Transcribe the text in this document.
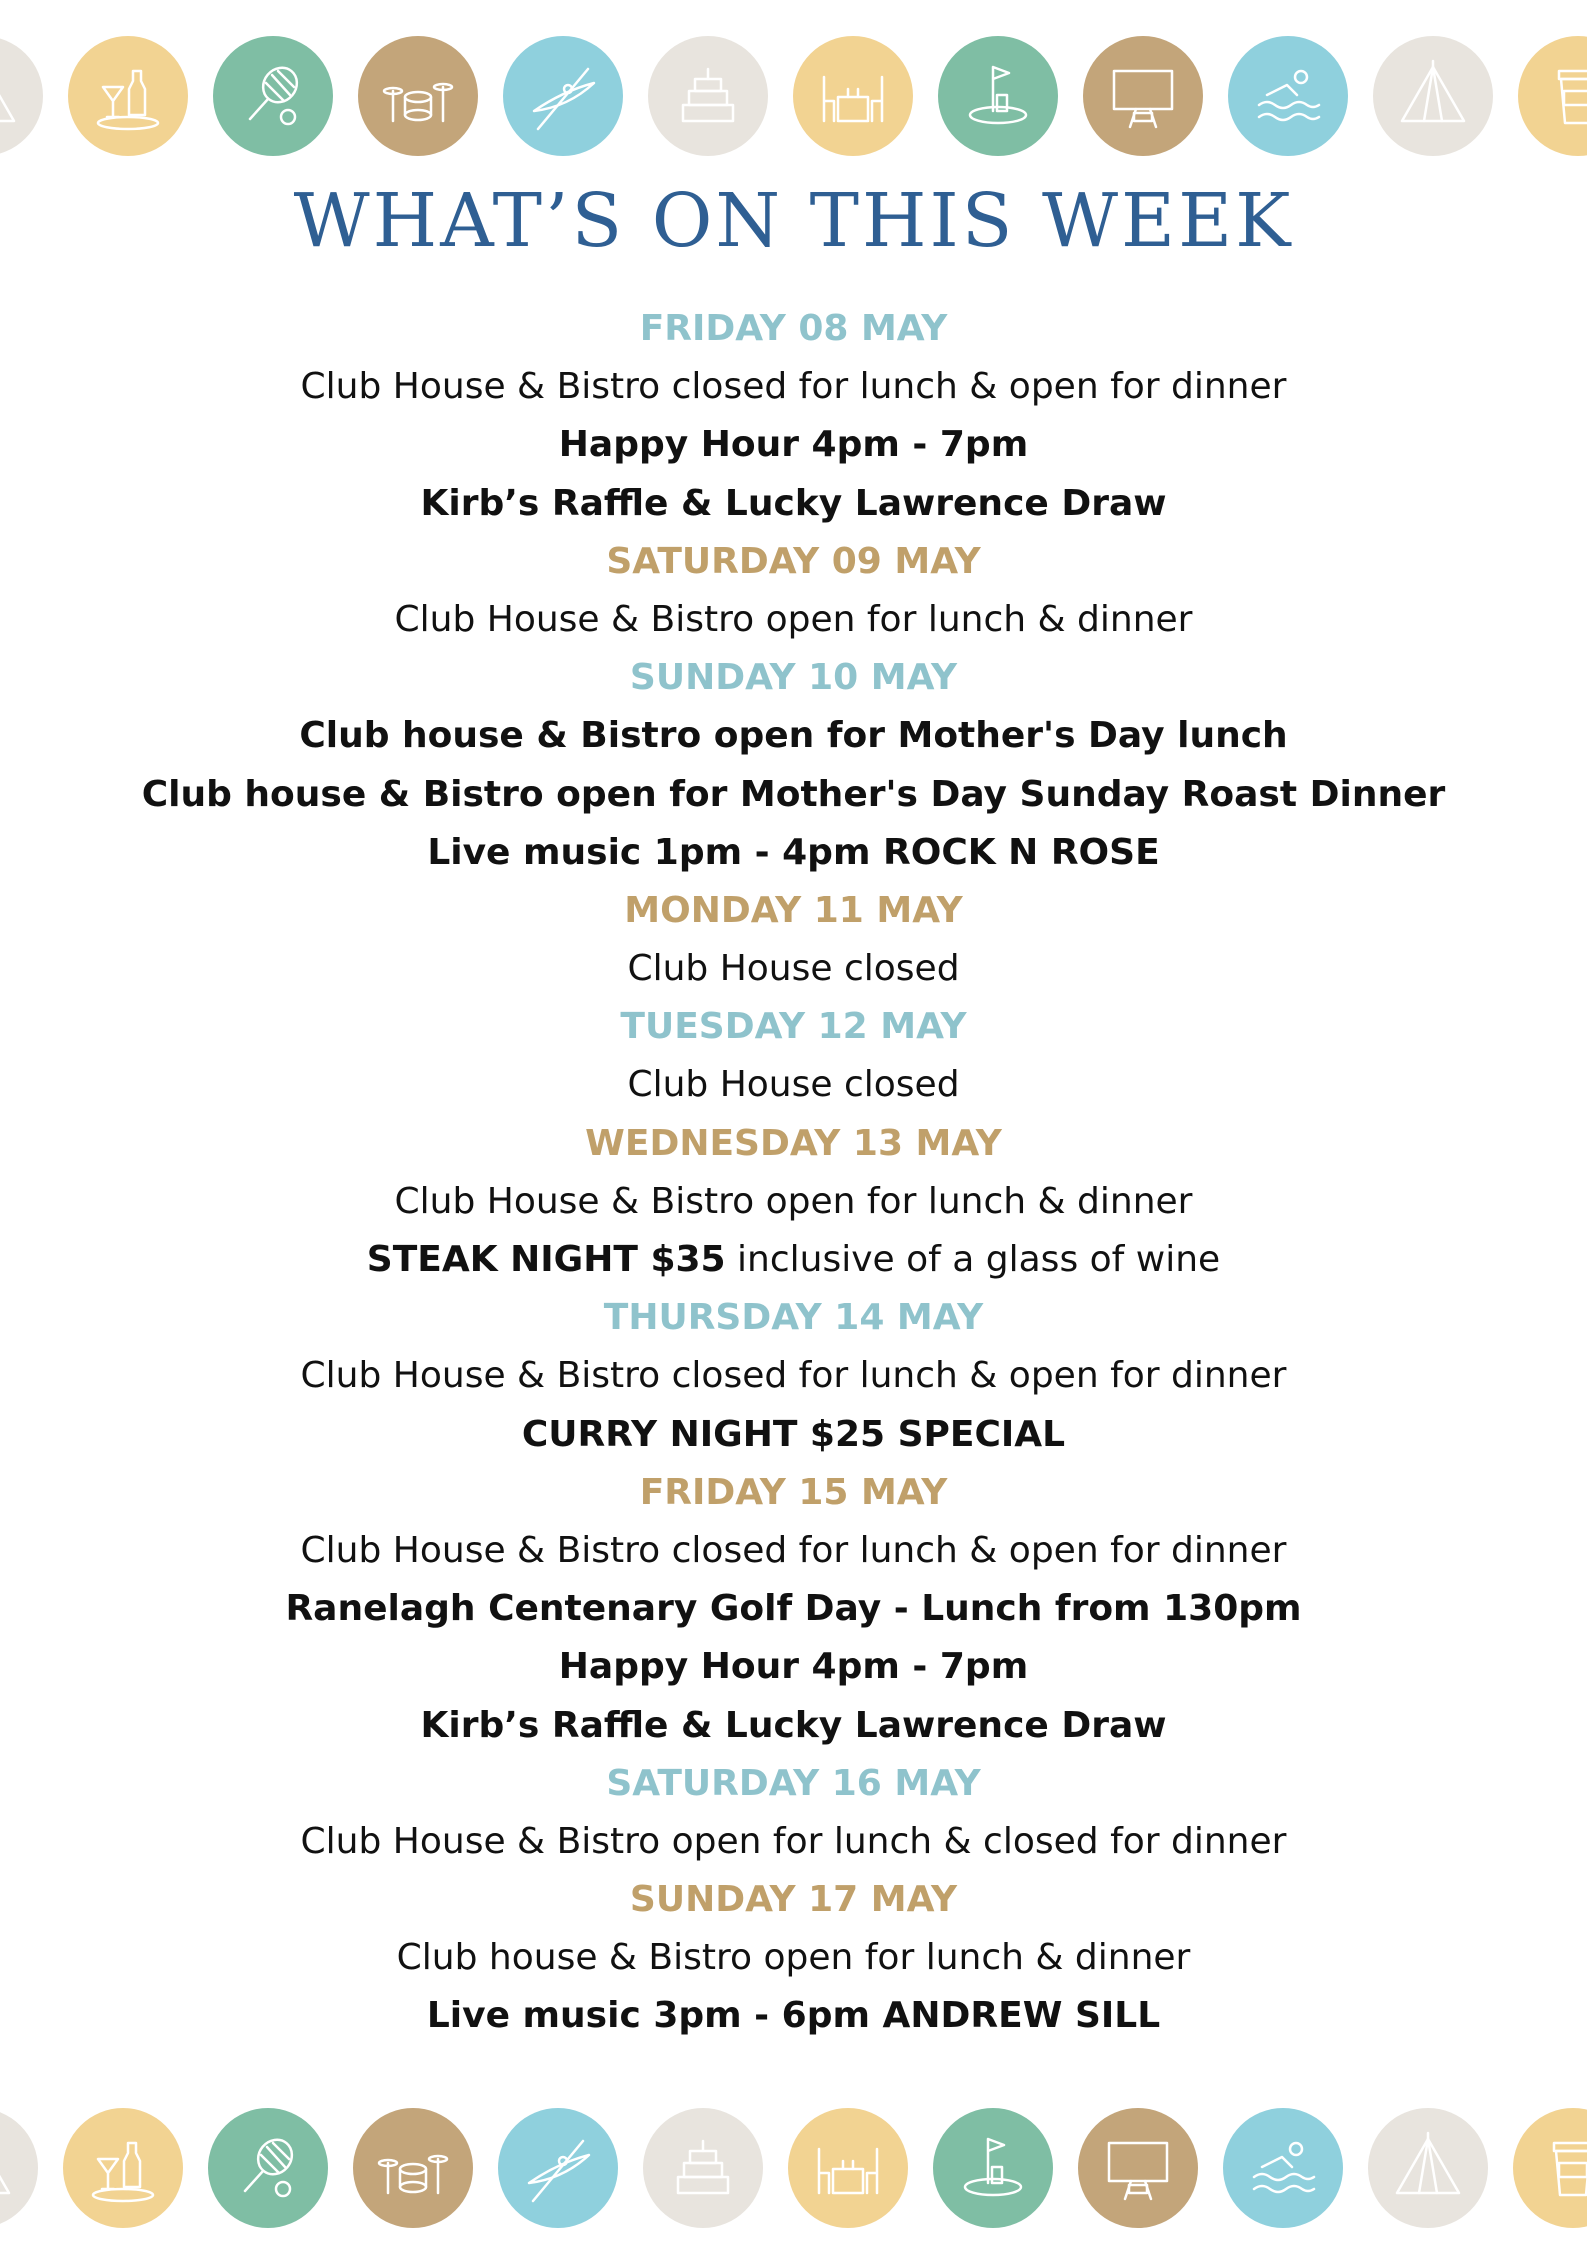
WHAT’S ON THIS WEEK
FRIDAY 08 MAY
Club House & Bistro closed for lunch & open for dinner
Happy Hour 4pm - 7pm
Kirb’s Raffle & Lucky Lawrence Draw
SATURDAY 09 MAY
Club House & Bistro open for lunch & dinner
SUNDAY 10 MAY
Club house & Bistro open for Mother's Day lunch
Club house & Bistro open for Mother's Day Sunday Roast Dinner
Live music 1pm - 4pm ROCK N ROSE
MONDAY 11 MAY
Club House closed
TUESDAY 12 MAY
Club House closed
WEDNESDAY 13 MAY
Club House & Bistro open for lunch & dinner
STEAK NIGHT $35 inclusive of a glass of wine
THURSDAY 14 MAY
Club House & Bistro closed for lunch & open for dinner
CURRY NIGHT $25 SPECIAL
FRIDAY 15 MAY
Club House & Bistro closed for lunch & open for dinner
Ranelagh Centenary Golf Day - Lunch from 130pm
Happy Hour 4pm - 7pm
Kirb’s Raffle & Lucky Lawrence Draw
SATURDAY 16 MAY
Club House & Bistro open for lunch & closed for dinner
SUNDAY 17 MAY
Club house & Bistro open for lunch & dinner
Live music 3pm - 6pm ANDREW SILL
